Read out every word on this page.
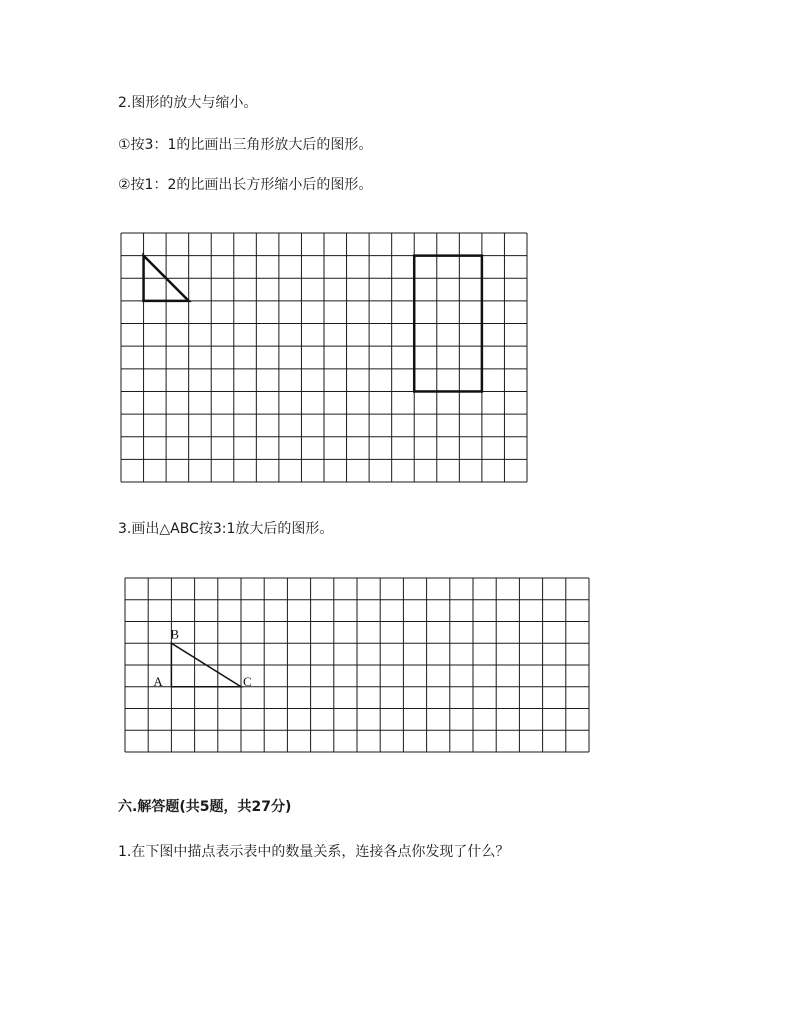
2.图形的放大与缩小。
①按3：1的比画出三角形放大后的图形。
②按1：2的比画出长方形缩小后的图形。
3.画出△ABC按3:1放大后的图形。
A
B
C
六.解答题(共5题，共27分)
1.在下图中描点表示表中的数量关系，连接各点你发现了什么？
